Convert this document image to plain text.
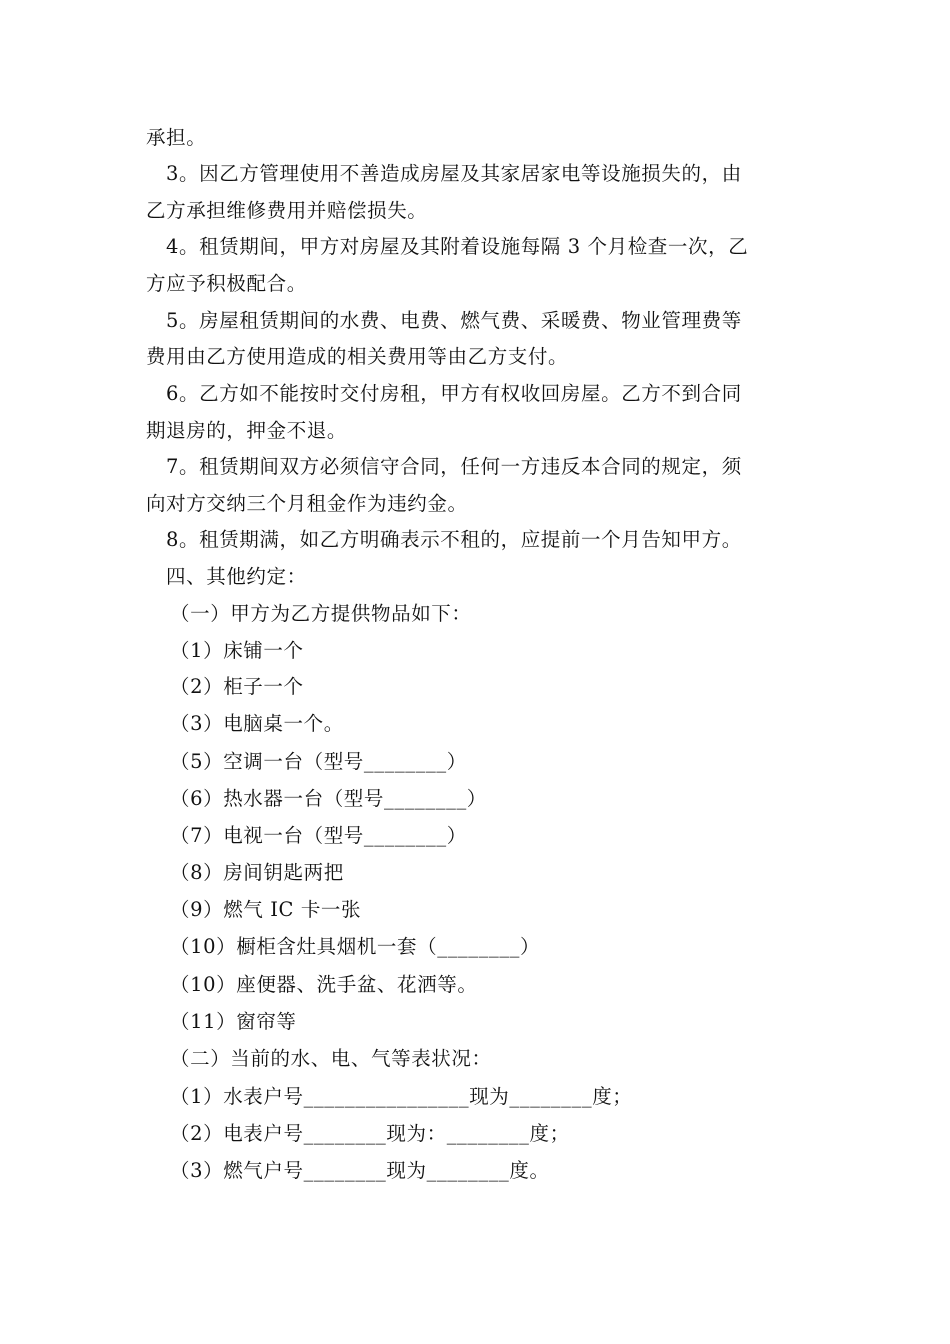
承担。
3。因乙方管理使用不善造成房屋及其家居家电等设施损失的，由
乙方承担维修费用并赔偿损失。
4。租赁期间，甲方对房屋及其附着设施每隔 3 个月检查一次，乙
方应予积极配合。
5。房屋租赁期间的水费、电费、燃气费、采暖费、物业管理费等
费用由乙方使用造成的相关费用等由乙方支付。
6。乙方如不能按时交付房租，甲方有权收回房屋。乙方不到合同
期退房的，押金不退。
7。租赁期间双方必须信守合同，任何一方违反本合同的规定，须
向对方交纳三个月租金作为违约金。
8。租赁期满，如乙方明确表示不租的，应提前一个月告知甲方。
四、其他约定：
（一）甲方为乙方提供物品如下：
（1）床铺一个
（2）柜子一个
（3）电脑桌一个。
（5）空调一台（型号________）
（6）热水器一台（型号________）
（7）电视一台（型号________）
（8）房间钥匙两把
（9）燃气 IC 卡一张
（10）橱柜含灶具烟机一套（________）
（10）座便器、洗手盆、花洒等。
（11）窗帘等
（二）当前的水、电、气等表状况：
（1）水表户号________________现为________度；
（2）电表户号________现为：________度；
（3）燃气户号________现为________度。
